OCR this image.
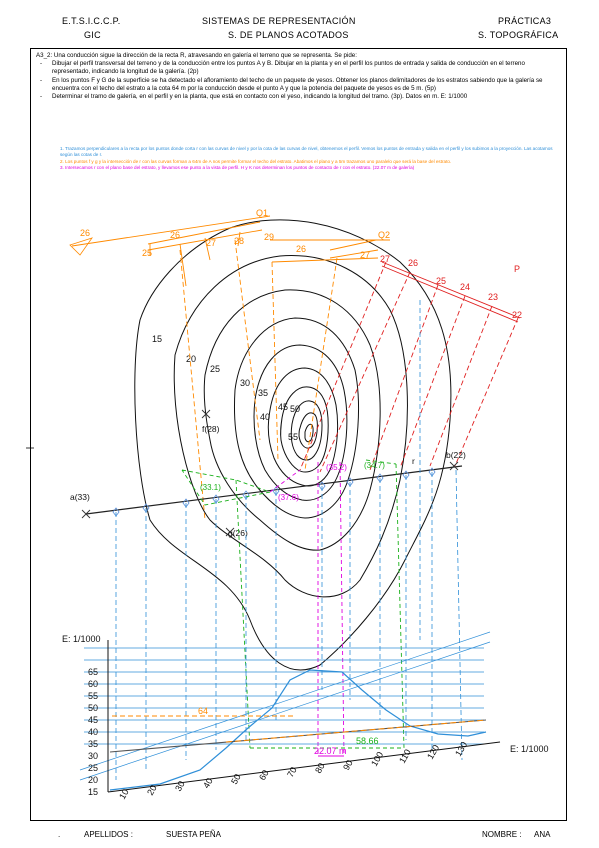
E.T.S.I.C.C.P.
GIC
SISTEMAS DE REPRESENTACIÓN
S. DE PLANOS ACOTADOS
PRÁCTICA3
S. TOPOGRÁFICA

A3_2: Una conducción sigue la dirección de la recta R, atravesando en galería el terreno que se representa. Se pide:

- Dibujar el perfil transversal del terreno y de la conducción entre los puntos A y B. Dibujar en la planta y en el perfil los puntos de entrada y salida de conducción en el terreno representado, indicando la longitud de la galería. (2p)

- En los puntos F y G de la superficie se ha detectado el afloramiento del techo de un paquete de yesos. Obtener los planos delimitadores de los estratos sabiendo que la galería se encuentra con el techo del estrato a la cota 64 m por la conducción desde el punto A y que la potencia del paquete de yesos es de 5 m. (5p)

- Determinar el tramo de galería, en el perfil y en la planta, que está en contacto con el yeso, indicando la longitud del tramo. (3p). Datos en m. E: 1/1000

1. Trazamos perpendiculares a la recta por los puntos donde corta r con las curvas de nivel y por la cota de las curvas de nivel, obtenemos el perfil. Vemos los puntos de entrada y salida en el perfil y los subimos a la proyección. Las acotamos según las cotas de r.

2. Los puntos f y g y la intersección de r con las curvas forman a 64m de A nos permite formar el techo del estrato. Abatimos el plano y a 5m trazamos uno paralelo que será la base del estrato.

3. Intersecamos r con el plano base del estrato, y llevamos ese punto a la vista de perfil. H y K nos determinan los puntos de contacto de r con el estrato. (22.07 m de galería)

15
20
25
30
35
40
45 50
55
26	26
25
27 28 29
26
27
Q1
Q2
27 26
25
24
23
22
P
a(33)
b(22)
f(28)
g(26)
r
(35.2) (34.7)
(33.1)
(37.6)
15
20
25
30
35
40
45
50
55
60
65
10 20 30 40 50 60 70 80 90 100 110 120 130
E: 1/1000
E: 1/1000
64
58.66
22.07 m
.	APELLIDOS :	SUESTA PEÑA	NOMBRE : ANA
